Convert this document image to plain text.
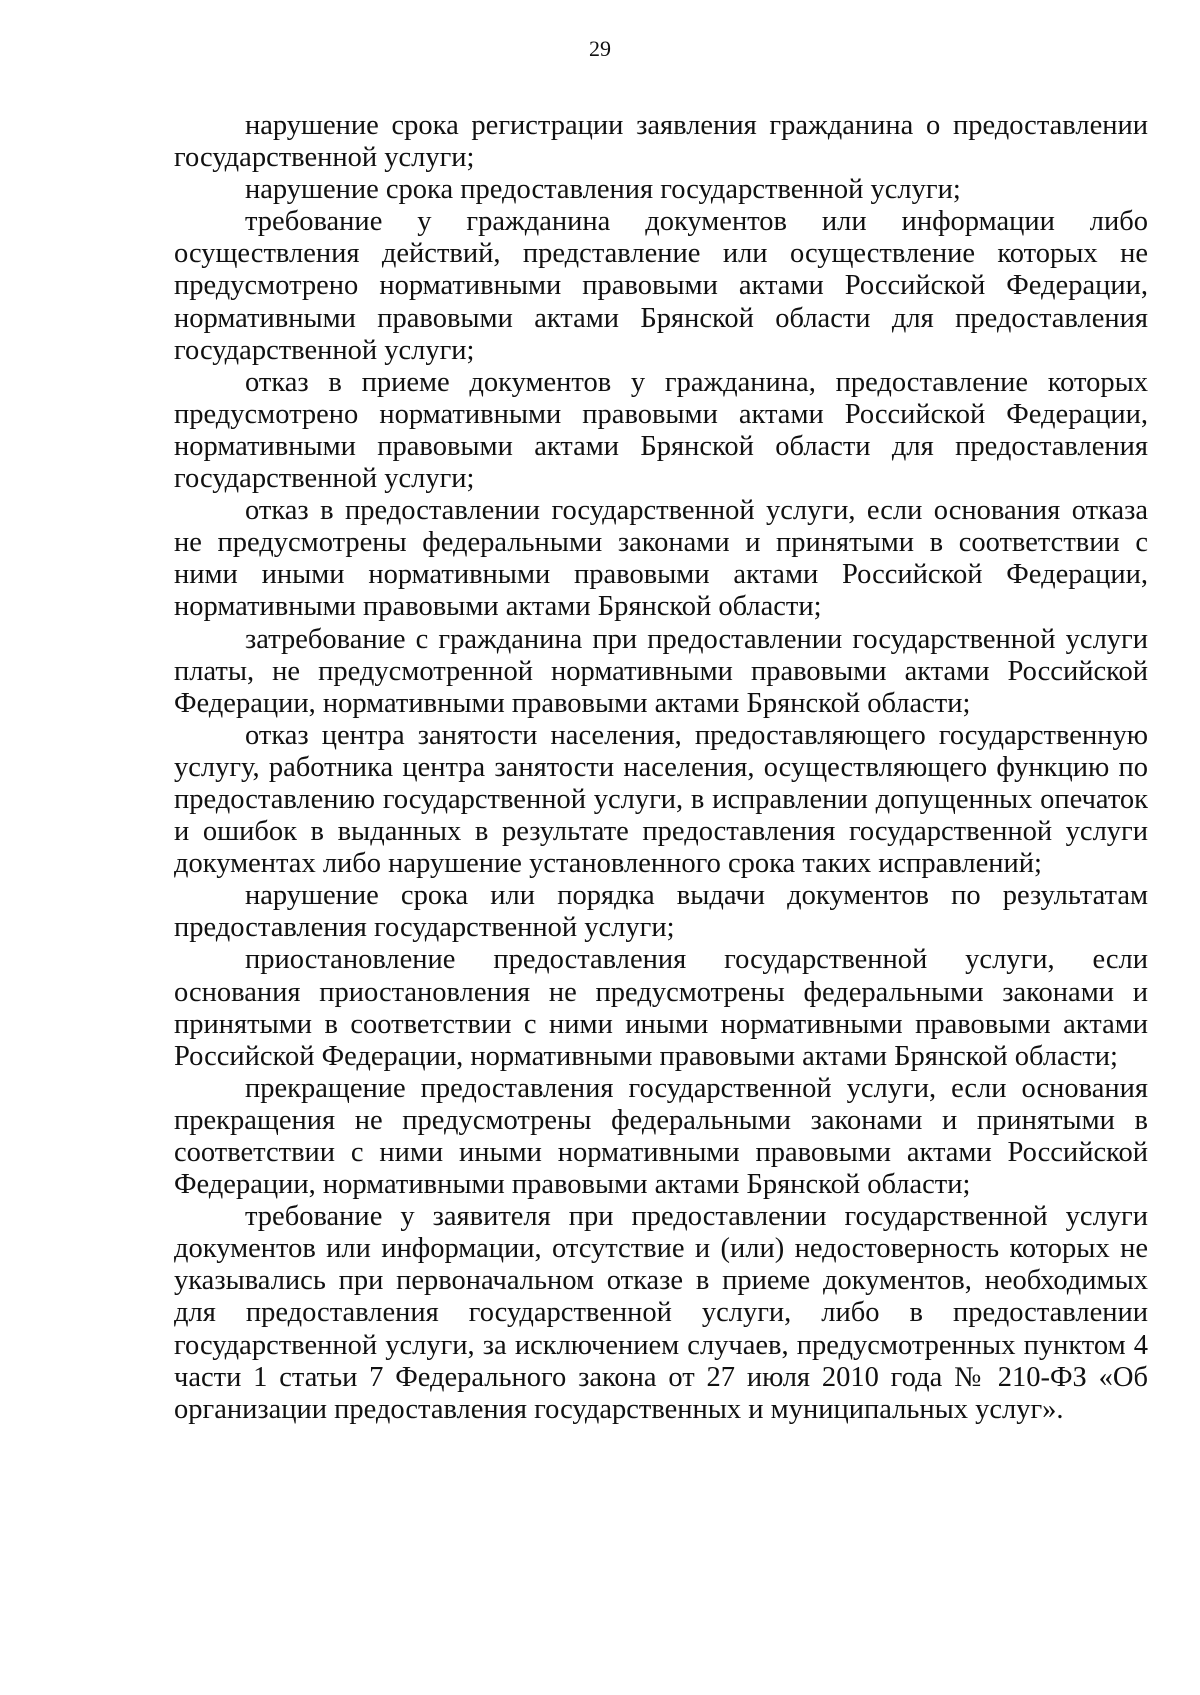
29

нарушение срока регистрации заявления гражданина о предоставлении государственной услуги;

нарушение срока предоставления государственной услуги;

требование у гражданина документов или информации либо осуществления действий, представление или осуществление которых не предусмотрено нормативными правовыми актами Российской Федерации, нормативными правовыми актами Брянской области для предоставления государственной услуги;

отказ в приеме документов у гражданина, предоставление которых предусмотрено нормативными правовыми актами Российской Федерации, нормативными правовыми актами Брянской области для предоставления государственной услуги;

отказ в предоставлении государственной услуги, если основания отказа не предусмотрены федеральными законами и принятыми в соответствии с ними иными нормативными правовыми актами Российской Федерации, нормативными правовыми актами Брянской области;

затребование с гражданина при предоставлении государственной услуги платы, не предусмотренной нормативными правовыми актами Российской Федерации, нормативными правовыми актами Брянской области;

отказ центра занятости населения, предоставляющего государственную услугу, работника центра занятости населения, осуществляющего функцию по предоставлению государственной услуги, в исправлении допущенных опечаток и ошибок в выданных в результате предоставления государственной услуги документах либо нарушение установленного срока таких исправлений;

нарушение срока или порядка выдачи документов по результатам предоставления государственной услуги;

приостановление предоставления государственной услуги, если основания приостановления не предусмотрены федеральными законами и принятыми в соответствии с ними иными нормативными правовыми актами Российской Федерации, нормативными правовыми актами Брянской области;

прекращение предоставления государственной услуги, если основания прекращения не предусмотрены федеральными законами и принятыми в соответствии с ними иными нормативными правовыми актами Российской Федерации, нормативными правовыми актами Брянской области;

требование у заявителя при предоставлении государственной услуги документов или информации, отсутствие и (или) недостоверность которых не указывались при первоначальном отказе в приеме документов, необходимых для предоставления государственной услуги, либо в предоставлении государственной услуги, за исключением случаев, предусмотренных пунктом 4 части 1 статьи 7 Федерального закона от 27 июля 2010 года № 210-ФЗ «Об организации предоставления государственных и муниципальных услуг».
